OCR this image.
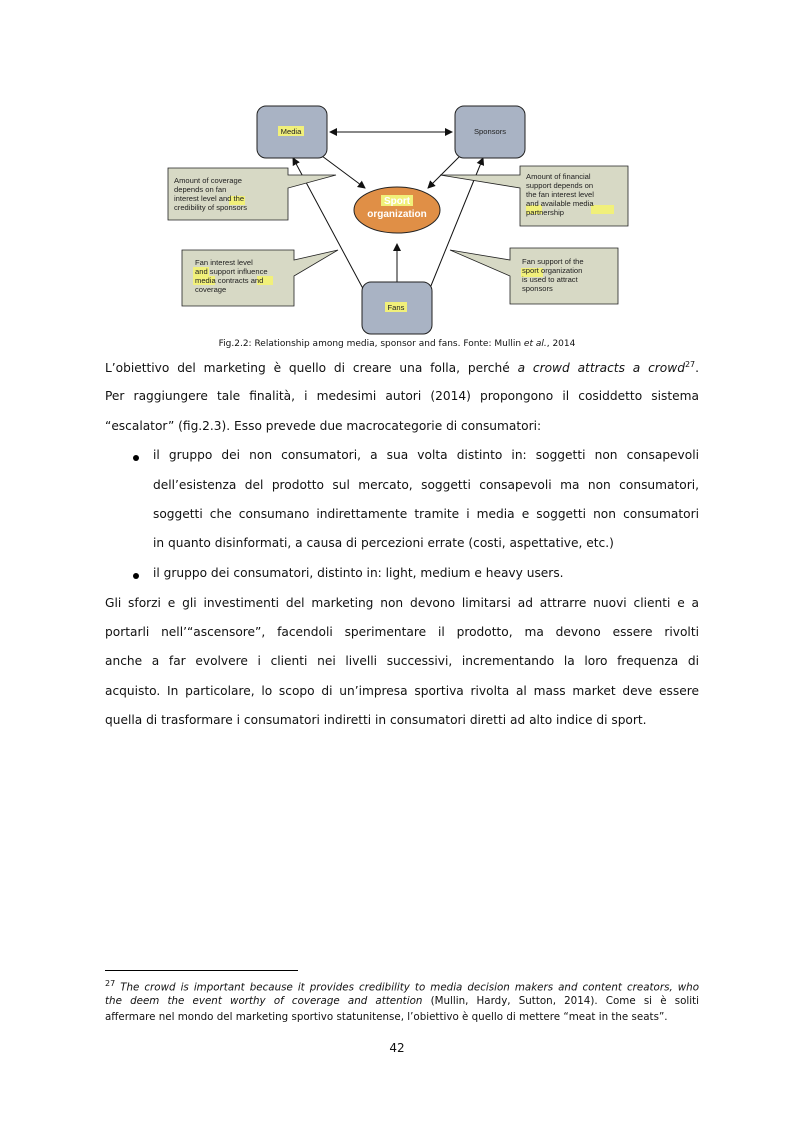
Media	Sponsors
Sport
organization
Fans
Amount of coverage depends on fan interest level and the credibility of sponsors
Amount of financial support depends on the fan interest level and available media partnership
Fan interest level and support influence media contracts and coverage
Fan support of the sport organization is used to attract sponsors
Fig.2.2: Relationship among media, sponsor and fans. Fonte: Mullin et al., 2014
L’obiettivo del marketing è quello di creare una folla, perché a crowd attracts a crowd$^{27}$.
Per raggiungere tale finalità, i medesimi autori (2014) propongono il cosiddetto sistema
“escalator” (fig.2.3). Esso prevede due macrocategorie di consumatori:
il gruppo dei non consumatori, a sua volta distinto in: soggetti non consapevoli
dell’esistenza del prodotto sul mercato, soggetti consapevoli ma non consumatori,
soggetti che consumano indirettamente tramite i media e soggetti non consumatori
in quanto disinformati, a causa di percezioni errate (costi, aspettative, etc.)
il gruppo dei consumatori, distinto in: light, medium e heavy users.
Gli sforzi e gli investimenti del marketing non devono limitarsi ad attrarre nuovi clienti e a
portarli nell’“ascensore”, facendoli sperimentare il prodotto, ma devono essere rivolti
anche a far evolvere i clienti nei livelli successivi, incrementando la loro frequenza di
acquisto. In particolare, lo scopo di un’impresa sportiva rivolta al mass market deve essere
quella di trasformare i consumatori indiretti in consumatori diretti ad alto indice di sport.
$^{27}$ The crowd is important because it provides credibility to media decision makers and content creators, who
the deem the event worthy of coverage and attention (Mullin, Hardy, Sutton, 2014). Come si è soliti
affermare nel mondo del marketing sportivo statunitense, l’obiettivo è quello di mettere “meat in the seats”.
42
